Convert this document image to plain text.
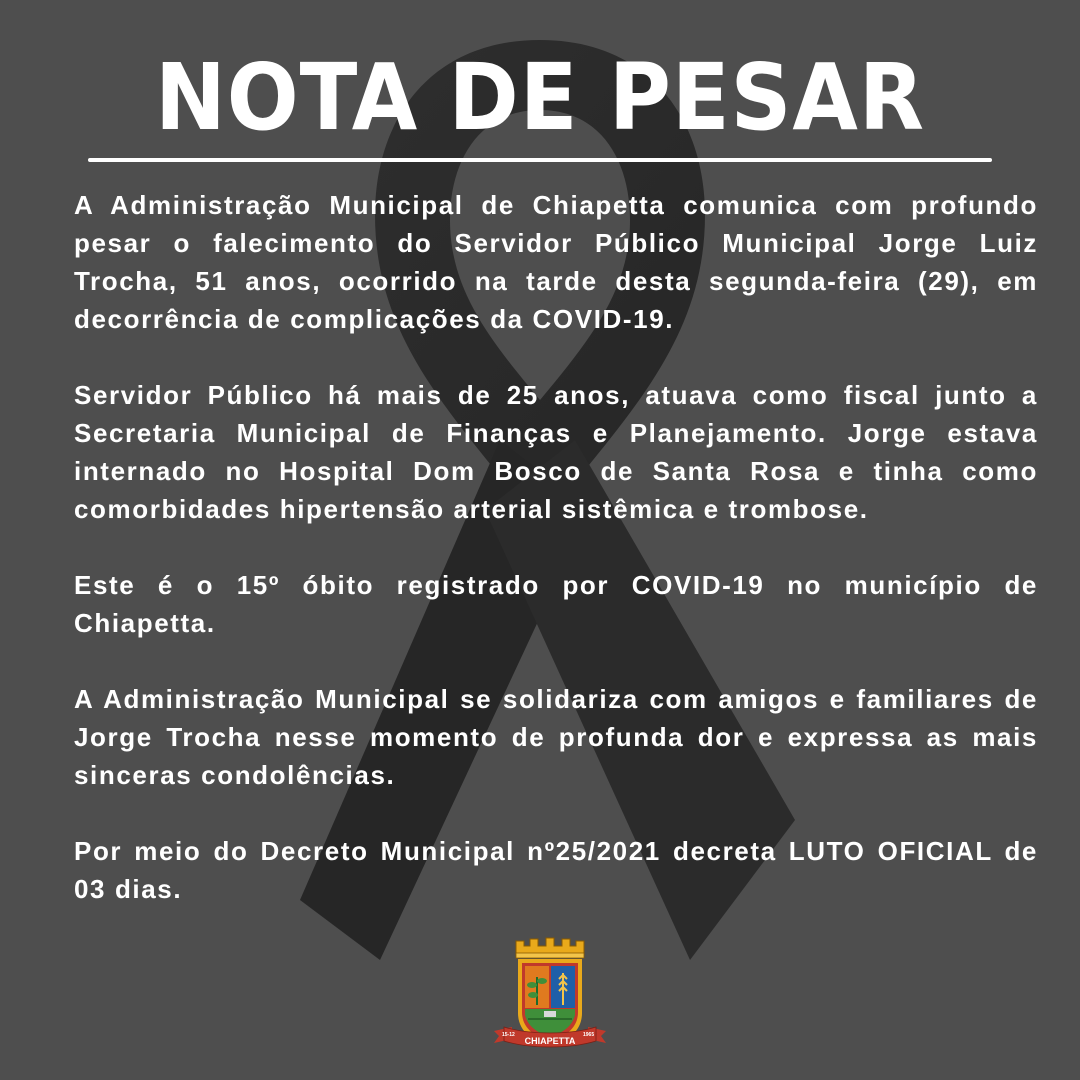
NOTA DE PESAR

A Administração Municipal de Chiapetta comunica com profundo pesar o falecimento do Servidor Público Municipal Jorge Luiz Trocha, 51 anos, ocorrido na tarde desta segunda-feira (29), em decorrência de complicações da COVID-19.

Servidor Público há mais de 25 anos, atuava como fiscal junto a Secretaria Municipal de Finanças e Planejamento. Jorge estava internado no Hospital Dom Bosco de Santa Rosa e tinha como comorbidades hipertensão arterial sistêmica e trombose.

Este é o 15º óbito registrado por COVID-19 no município de Chiapetta.

A Administração Municipal se solidariza com amigos e familiares de Jorge Trocha nesse momento de profunda dor e expressa as mais sinceras condolências.

Por meio do Decreto Municipal nº25/2021 decreta LUTO OFICIAL de 03 dias.

15-12	1965
CHIAPETTA
